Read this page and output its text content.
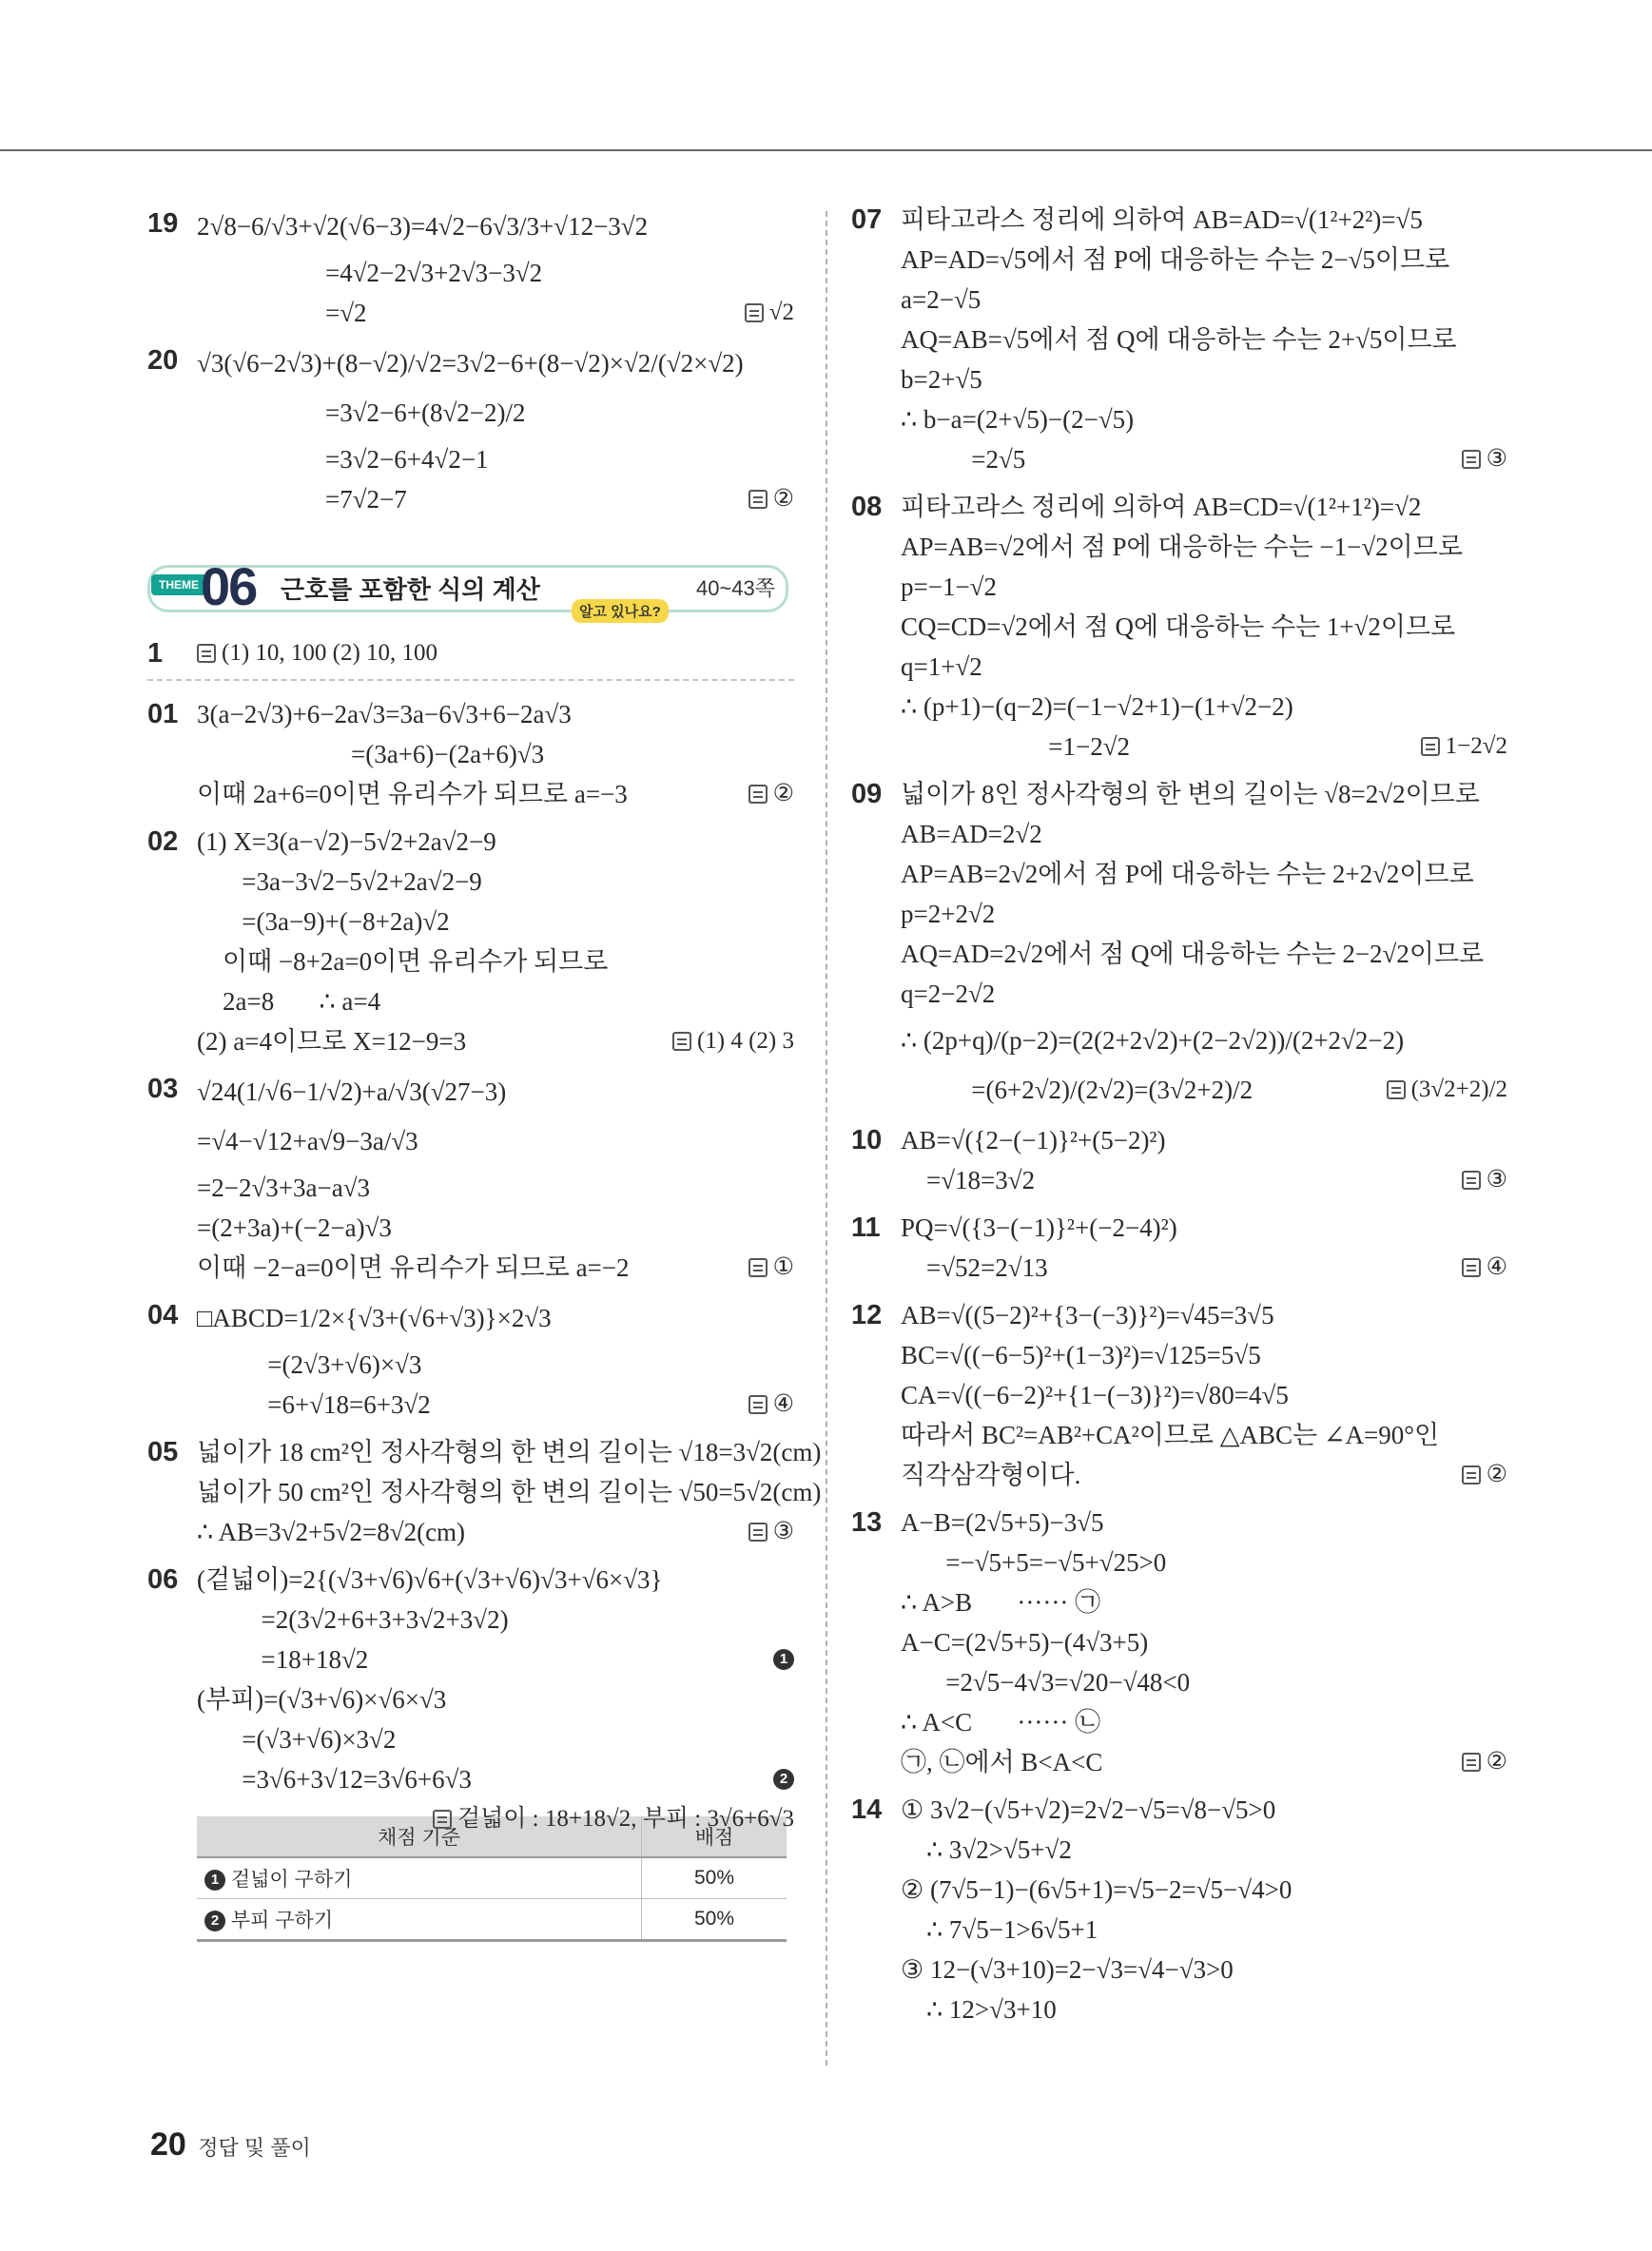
19 2√8−6/√3+√2(√6−3)=4√2−6√3/3+√12−3√2
=4√2−2√3+2√3−3√2
=√2	√2
20 √3(√6−2√3)+(8−√2)/√2=3√2−6+(8−√2)×√2/(√2×√2)
=3√2−6+(8√2−2)/2
=3√2−6+4√2−1
=7√2−7	②
THEME 06 근호를 포함한 식의 계산	40~43쪽
알고 있나요?
1	(1) 10, 100 (2) 10, 100
01 3(a−2√3)+6−2a√3=3a−6√3+6−2a√3
=(3a+6)−(2a+6)√3
이때 2a+6=0이면 유리수가 되므로 a=−3	②
02 (1) X=3(a−√2)−5√2+2a√2−9
=3a−3√2−5√2+2a√2−9
=(3a−9)+(−8+2a)√2
이때 −8+2a=0이면 유리수가 되므로
2a=8       ∴ a=4
(2) a=4이므로 X=12−9=3	(1) 4 (2) 3
03 √24(1/√6−1/√2)+a/√3(√27−3)
=√4−√12+a√9−3a/√3
=2−2√3+3a−a√3
=(2+3a)+(−2−a)√3
이때 −2−a=0이면 유리수가 되므로 a=−2	①
04 □ABCD=1/2×{√3+(√6+√3)}×2√3
=(2√3+√6)×√3
=6+√18=6+3√2	④
05 넓이가 18 cm²인 정사각형의 한 변의 길이는 √18=3√2(cm)
넓이가 50 cm²인 정사각형의 한 변의 길이는 √50=5√2(cm)
∴ AB=3√2+5√2=8√2(cm)	③
06 (겉넓이)=2{(√3+√6)√6+(√3+√6)√3+√6×√3}
=2(3√2+6+3+3√2+3√2)
=18+18√2	1
(부피)=(√3+√6)×√6×√3
=(√3+√6)×3√2
=3√6+3√12=3√6+6√3	2
겉넓이 : 18+18√2, 부피 : 3√6+6√3
채점 기준	배점
1 겉넓이 구하기	50%
2 부피 구하기	50%
07 피타고라스 정리에 의하여 AB=AD=√(1²+2²)=√5
AP=AD=√5에서 점 P에 대응하는 수는 2−√5이므로
a=2−√5
AQ=AB=√5에서 점 Q에 대응하는 수는 2+√5이므로
b=2+√5
∴ b−a=(2+√5)−(2−√5)
=2√5	③
08 피타고라스 정리에 의하여 AB=CD=√(1²+1²)=√2
AP=AB=√2에서 점 P에 대응하는 수는 −1−√2이므로
p=−1−√2
CQ=CD=√2에서 점 Q에 대응하는 수는 1+√2이므로
q=1+√2
∴ (p+1)−(q−2)=(−1−√2+1)−(1+√2−2)
=1−2√2	1−2√2
09 넓이가 8인 정사각형의 한 변의 길이는 √8=2√2이므로
AB=AD=2√2
AP=AB=2√2에서 점 P에 대응하는 수는 2+2√2이므로
p=2+2√2
AQ=AD=2√2에서 점 Q에 대응하는 수는 2−2√2이므로
q=2−2√2
∴ (2p+q)/(p−2)=(2(2+2√2)+(2−2√2))/(2+2√2−2)
=(6+2√2)/(2√2)=(3√2+2)/2	(3√2+2)/2
10 AB=√({2−(−1)}²+(5−2)²)
=√18=3√2	③
11 PQ=√({3−(−1)}²+(−2−4)²)
=√52=2√13	④
12 AB=√((5−2)²+{3−(−3)}²)=√45=3√5
BC=√((−6−5)²+(1−3)²)=√125=5√5
CA=√((−6−2)²+{1−(−3)}²)=√80=4√5
따라서 BC²=AB²+CA²이므로 △ABC는 ∠A=90°인
직각삼각형이다.	②
13 A−B=(2√5+5)−3√5
=−√5+5=−√5+√25>0
∴ A>B       ······ ㉠
A−C=(2√5+5)−(4√3+5)
=2√5−4√3=√20−√48<0
∴ A<C       ······ ㉡
㉠, ㉡에서 B<A<C	②
14 ① 3√2−(√5+√2)=2√2−√5=√8−√5>0
∴ 3√2>√5+√2
② (7√5−1)−(6√5+1)=√5−2=√5−√4>0
∴ 7√5−1>6√5+1
③ 12−(√3+10)=2−√3=√4−√3>0
∴ 12>√3+10
20 정답 및 풀이
